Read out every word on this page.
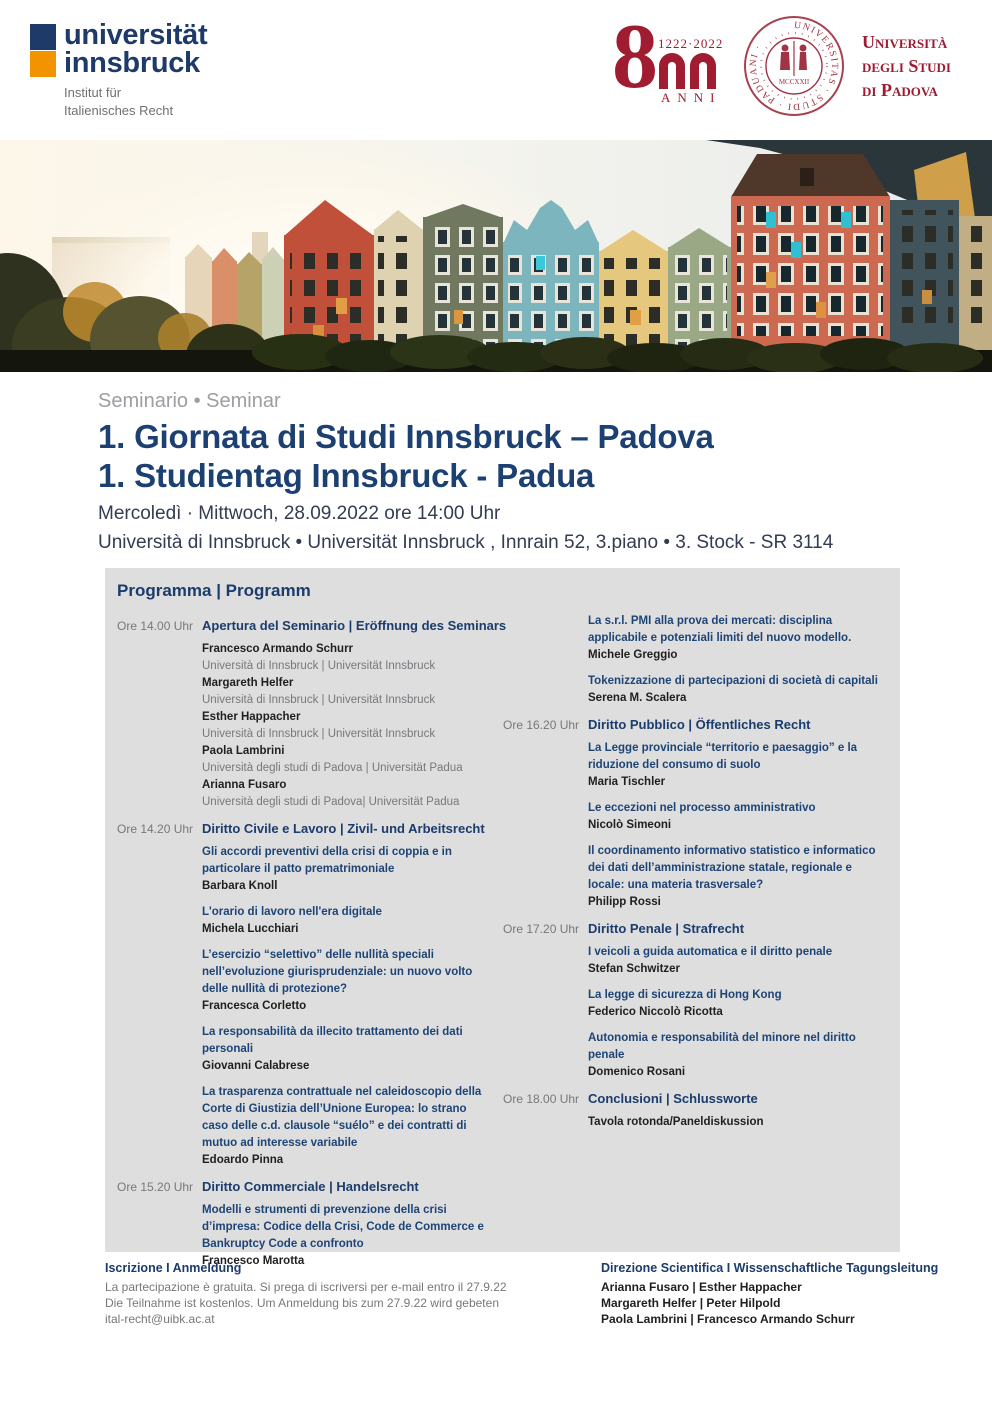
universität
innsbruck
Institut für
Italienisches Recht
8 1222·2022
ANNI
UNIVERSITAS · STUDI · PADUANI ·
MCCXXII
Università
degli Studi
di Padova
Seminario • Seminar
1. Giornata di Studi Innsbruck – Padova
1. Studientag Innsbruck - Padua
Mercoledì · Mittwoch, 28.09.2022 ore 14:00 Uhr
Università di Innsbruck • Universität Innsbruck , Innrain 52, 3.piano • 3. Stock - SR 3114
Programma | Programm
Ore 14.00 Uhr Apertura del Seminario | Eröffnung des Seminars
Francesco Armando Schurr
Università di Innsbruck | Universität Innsbruck
Margareth Helfer
Università di Innsbruck | Universität Innsbruck
Esther Happacher
Università di Innsbruck | Universität Innsbruck
Paola Lambrini
Università degli studi di Padova | Universität Padua
Arianna Fusaro
Università degli studi di Padova| Universität Padua
Ore 14.20 Uhr Diritto Civile e Lavoro | Zivil- und Arbeitsrecht
Gli accordi preventivi della crisi di coppia e in particolare il patto prematrimoniale
Barbara Knoll
L'orario di lavoro nell'era digitale
Michela Lucchiari
L’esercizio “selettivo” delle nullità speciali nell’evoluzione giurisprudenziale: un nuovo volto delle nullità di protezione?
Francesca Corletto
La responsabilità da illecito trattamento dei dati personali
Giovanni Calabrese
La trasparenza contrattuale nel caleidoscopio della Corte di Giustizia dell’Unione Europea: lo strano caso delle c.d. clausole “suélo” e dei contratti di mutuo ad interesse variabile
Edoardo Pinna
Ore 15.20 Uhr Diritto Commerciale | Handelsrecht
Modelli e strumenti di prevenzione della crisi d’impresa: Codice della Crisi, Code de Commerce e Bankruptcy Code a confronto
Francesco Marotta
La s.r.l. PMI alla prova dei mercati: disciplina applicabile e potenziali limiti del nuovo modello.
Michele Greggio
Tokenizzazione di partecipazioni di società di capitali
Serena M. Scalera
Ore 16.20 Uhr Diritto Pubblico | Öffentliches Recht
La Legge provinciale “territorio e paesaggio” e la riduzione del consumo di suolo
Maria Tischler
Le eccezioni nel processo amministrativo
Nicolò Simeoni
Il coordinamento informativo statistico e informatico dei dati dell’amministrazione statale, regionale e locale: una materia trasversale?
Philipp Rossi
Ore 17.20 Uhr Diritto Penale | Strafrecht
I veicoli a guida automatica e il diritto penale
Stefan Schwitzer
La legge di sicurezza di Hong Kong
Federico Niccolò Ricotta
Autonomia e responsabilità del minore nel diritto penale
Domenico Rosani
Ore 18.00 Uhr Conclusioni | Schlussworte
Tavola rotonda/Paneldiskussion
Iscrizione I Anmeldung
La partecipazione è gratuita. Si prega di iscriversi per e-mail entro il 27.9.22
Die Teilnahme ist kostenlos. Um Anmeldung bis zum 27.9.22 wird gebeten
ital-recht@uibk.ac.at
Direzione Scientifica I Wissenschaftliche Tagungsleitung
Arianna Fusaro | Esther Happacher
Margareth Helfer | Peter Hilpold
Paola Lambrini | Francesco Armando Schurr
